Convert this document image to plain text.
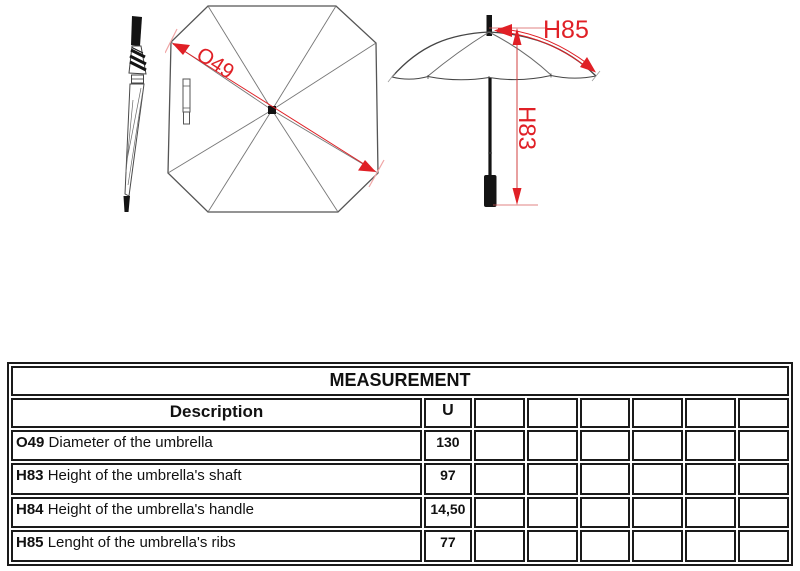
O49
H83
H85
MEASUREMENT							
Description	U						
O49 Diameter of the umbrella	130						
H83 Height of the umbrella's shaft	97						
H84 Height of the umbrella's handle	14,50						
H85 Lenght of the umbrella's ribs	77						
